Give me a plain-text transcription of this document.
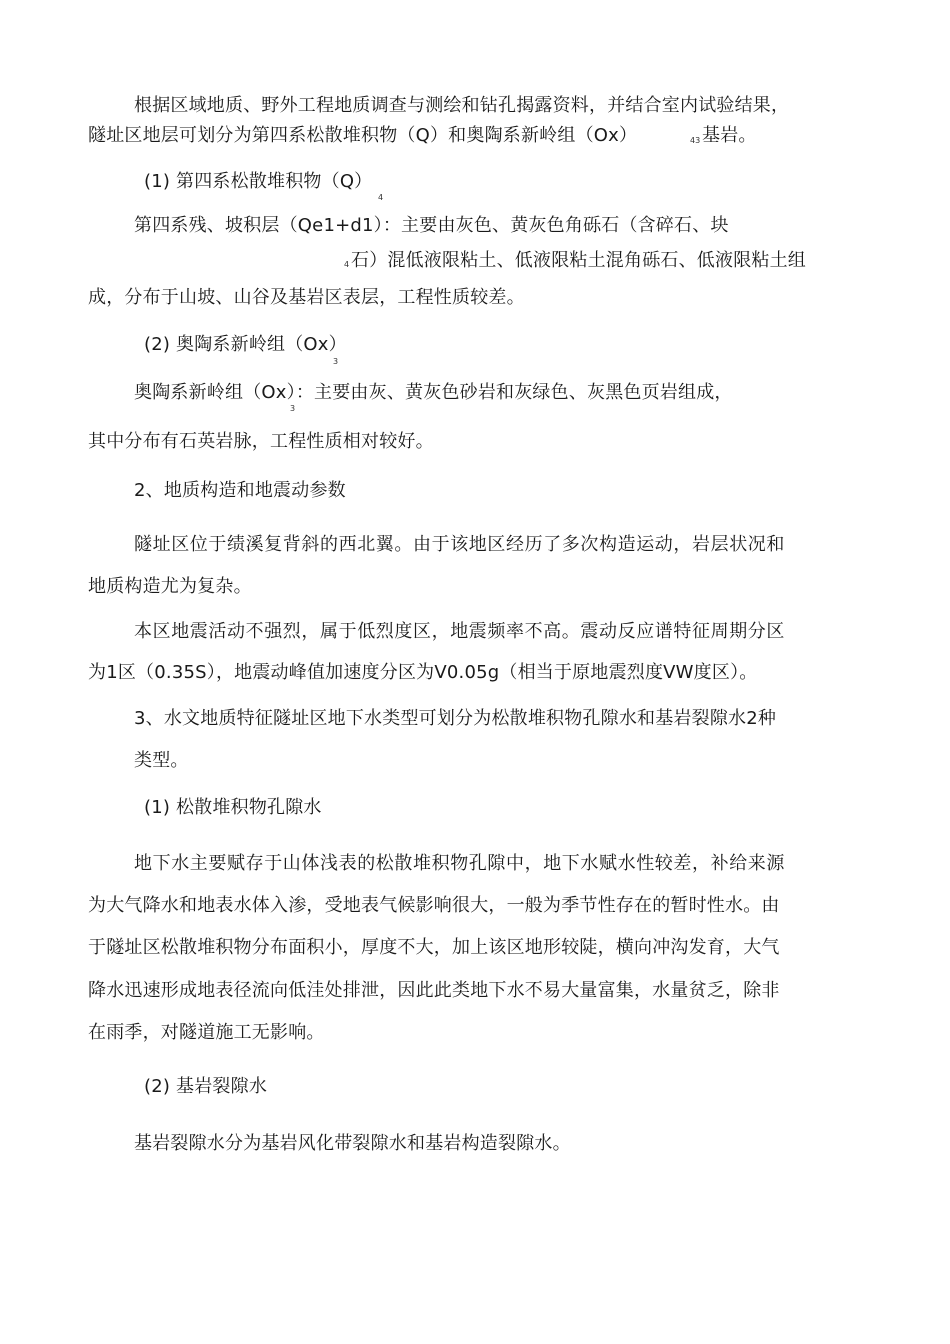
根据区域地质、野外工程地质调查与测绘和钻孔揭露资料，并结合室内试验结果，
隧址区地层可划分为第四系松散堆积物（Q）和奥陶系新岭组（Ox）	43 基岩。
(1) 第四系松散堆积物（Q）
4
第四系残、坡积层（Qe1+d1）：主要由灰色、黄灰色角砾石（含碎石、块
4 石）混低液限粘土、低液限粘土混角砾石、低液限粘土组
成，分布于山坡、山谷及基岩区表层，工程性质较差。
(2) 奥陶系新岭组（Ox）
3
奥陶系新岭组（Ox）：主要由灰、黄灰色砂岩和灰绿色、灰黑色页岩组成，
3
其中分布有石英岩脉，工程性质相对较好。
2、地质构造和地震动参数
隧址区位于绩溪复背斜的西北翼。由于该地区经历了多次构造运动，岩层状况和
地质构造尤为复杂。
本区地震活动不强烈，属于低烈度区，地震频率不高。震动反应谱特征周期分区
为1区（0.35S），地震动峰值加速度分区为V0.05g（相当于原地震烈度VW度区）。
3、水文地质特征隧址区地下水类型可划分为松散堆积物孔隙水和基岩裂隙水2种
类型。
(1) 松散堆积物孔隙水
地下水主要赋存于山体浅表的松散堆积物孔隙中，地下水赋水性较差，补给来源
为大气降水和地表水体入渗，受地表气候影响很大，一般为季节性存在的暂时性水。由
于隧址区松散堆积物分布面积小，厚度不大，加上该区地形较陡，横向冲沟发育，大气
降水迅速形成地表径流向低洼处排泄，因此此类地下水不易大量富集，水量贫乏，除非
在雨季，对隧道施工无影响。
(2) 基岩裂隙水
基岩裂隙水分为基岩风化带裂隙水和基岩构造裂隙水。
